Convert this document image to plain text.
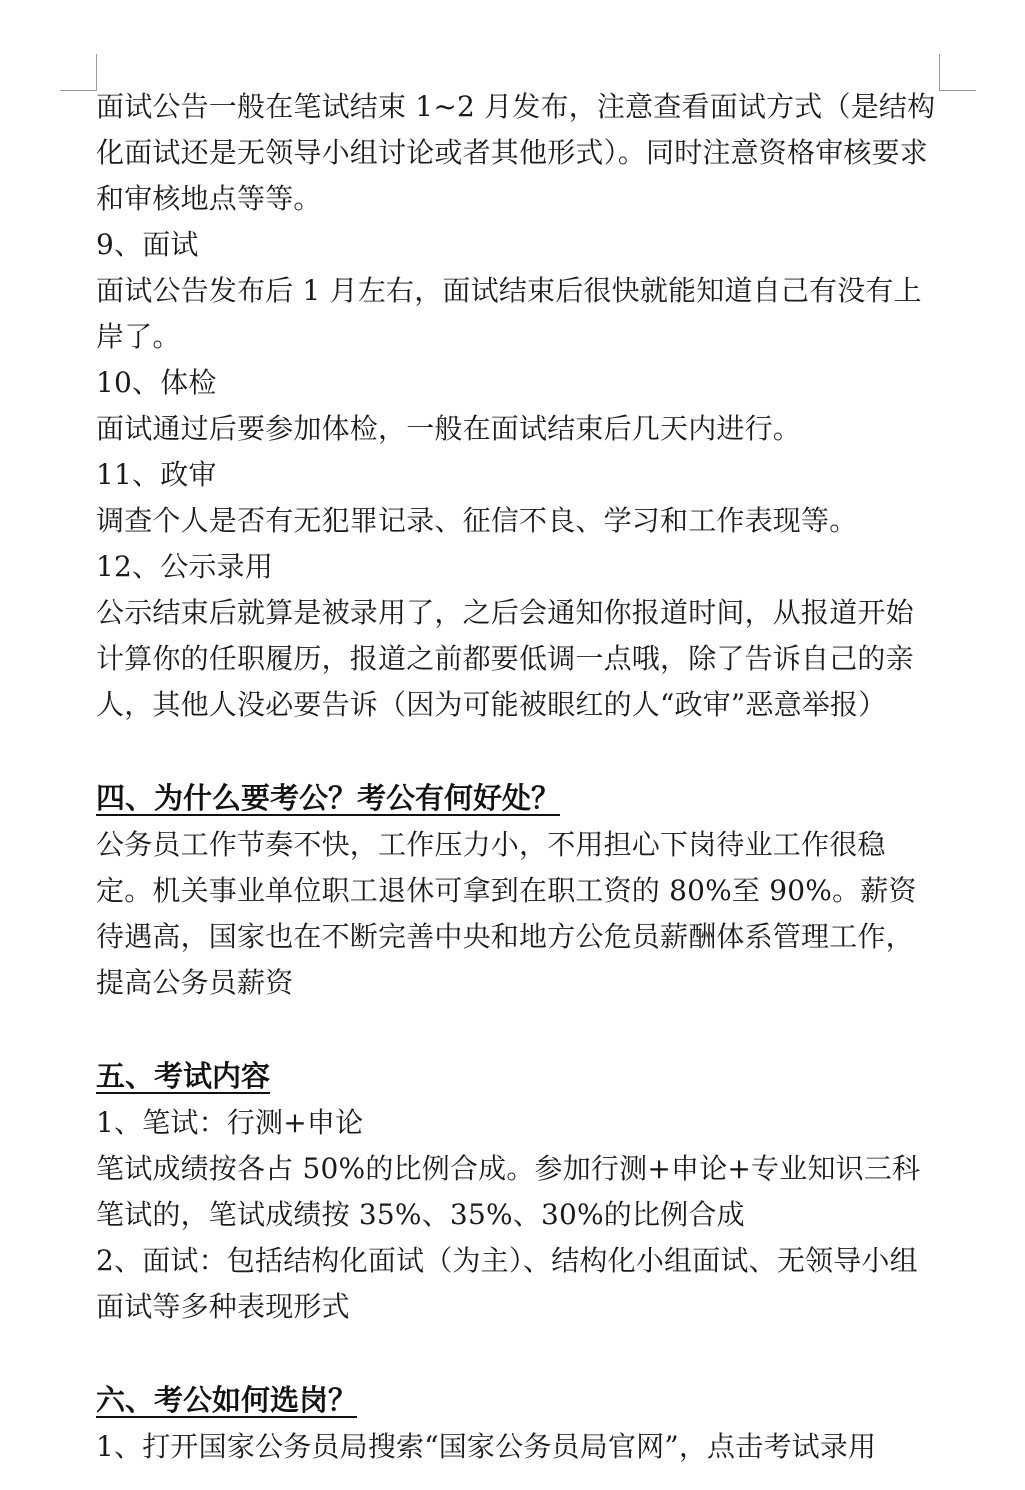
面试公告一般在笔试结束 1~2 月发布，注意查看面试方式（是结构化面试还是无领导小组讨论或者其他形式）。同时注意资格审核要求和审核地点等等。

9、面试

面试公告发布后 1 月左右，面试结束后很快就能知道自己有没有上岸了。

10、体检

面试通过后要参加体检，一般在面试结束后几天内进行。

11、政审

调查个人是否有无犯罪记录、征信不良、学习和工作表现等。

12、公示录用

公示结束后就算是被录用了，之后会通知你报道时间，从报道开始计算你的任职履历，报道之前都要低调一点哦，除了告诉自己的亲人，其他人没必要告诉（因为可能被眼红的人“政审”恶意举报）

四、为什么要考公？考公有何好处？

公务员工作节奏不快，工作压力小，不用担心下岗待业工作很稳定。机关事业单位职工退休可拿到在职工资的 80%至 90%。薪资待遇高，国家也在不断完善中央和地方公危员薪酬体系管理工作，提高公务员薪资

五、考试内容

1、笔试：行测+申论

笔试成绩按各占 50%的比例合成。参加行测+申论+专业知识三科笔试的，笔试成绩按 35%、35%、30%的比例合成

2、面试：包括结构化面试（为主）、结构化小组面试、无领导小组面试等多种表现形式

六、考公如何选岗？

1、打开国家公务员局搜索“国家公务员局官网”，点击考试录用
